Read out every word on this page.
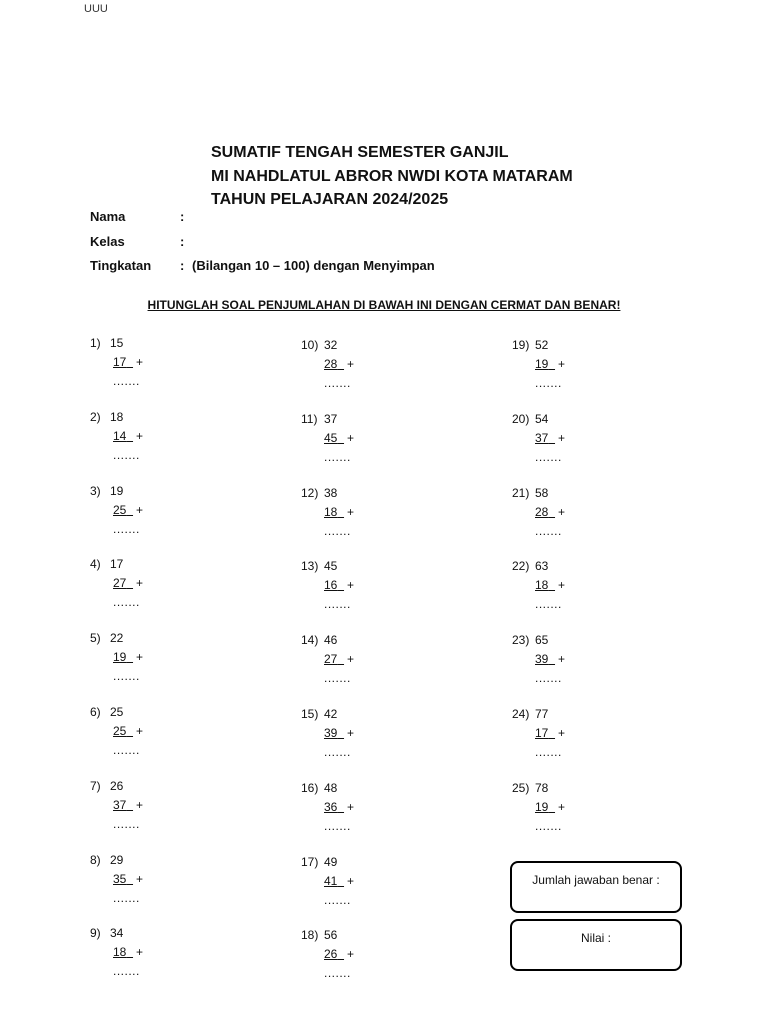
UUU
SUMATIF TENGAH SEMESTER GANJIL
MI NAHDLATUL ABROR NWDI KOTA MATARAM
TAHUN PELAJARAN 2024/2025
Nama	:
Kelas	:
Tingkatan : (Bilangan 10 – 100) dengan Menyimpan
HITUNGLAH SOAL PENJUMLAHAN DI BAWAH INI DENGAN CERMAT DAN BENAR!
1) 15
17 +
.......
2) 18
14 +
.......
3) 19
25 +
.......
4) 17
27 +
.......
5) 22
19 +
.......
6) 25
25 +
.......
7) 26
37 +
.......
8) 29
35 +
.......
9) 34
18 +
.......
10) 32
28 +
.......
11) 37
45 +
.......
12) 38
18 +
.......
13) 45
16 +
.......
14) 46
27 +
.......
15) 42
39 +
.......
16) 48
36 +
.......
17) 49
41 +
.......
18) 56
26 +
.......
19) 52
19 +
.......
20) 54
37 +
.......
21) 58
28 +
.......
22) 63
18 +
.......
23) 65
39 +
.......
24) 77
17 +
.......
25) 78
19 +
.......
Jumlah jawaban benar :
Nilai :
